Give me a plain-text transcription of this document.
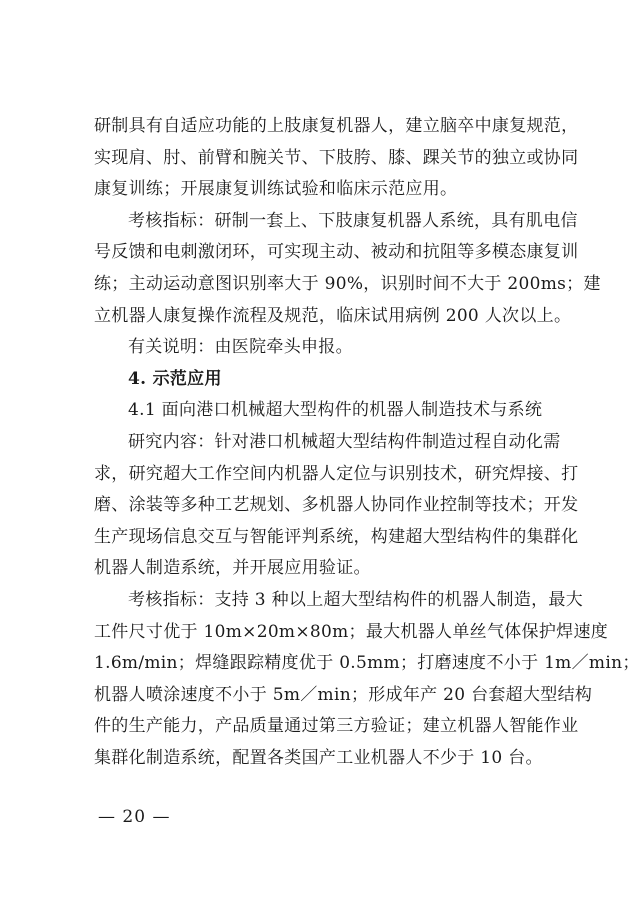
研制具有自适应功能的上肢康复机器人，建立脑卒中康复规范，
实现肩、肘、前臂和腕关节、下肢胯、膝、踝关节的独立或协同
康复训练；开展康复训练试验和临床示范应用。
考核指标：研制一套上、下肢康复机器人系统，具有肌电信
号反馈和电刺激闭环，可实现主动、被动和抗阻等多模态康复训
练；主动运动意图识别率大于 90%，识别时间不大于 200ms；建
立机器人康复操作流程及规范，临床试用病例 200 人次以上。
有关说明：由医院牵头申报。
4. 示范应用
4.1 面向港口机械超大型构件的机器人制造技术与系统
研究内容：针对港口机械超大型结构件制造过程自动化需
求，研究超大工作空间内机器人定位与识别技术，研究焊接、打
磨、涂装等多种工艺规划、多机器人协同作业控制等技术；开发
生产现场信息交互与智能评判系统，构建超大型结构件的集群化
机器人制造系统，并开展应用验证。
考核指标：支持 3 种以上超大型结构件的机器人制造，最大
工件尺寸优于 10m×20m×80m；最大机器人单丝气体保护焊速度
1.6m/min；焊缝跟踪精度优于 0.5mm；打磨速度不小于 1m／min；
机器人喷涂速度不小于 5m／min；形成年产 20 台套超大型结构
件的生产能力，产品质量通过第三方验证；建立机器人智能作业
集群化制造系统，配置各类国产工业机器人不少于 10 台。
— 20 —
